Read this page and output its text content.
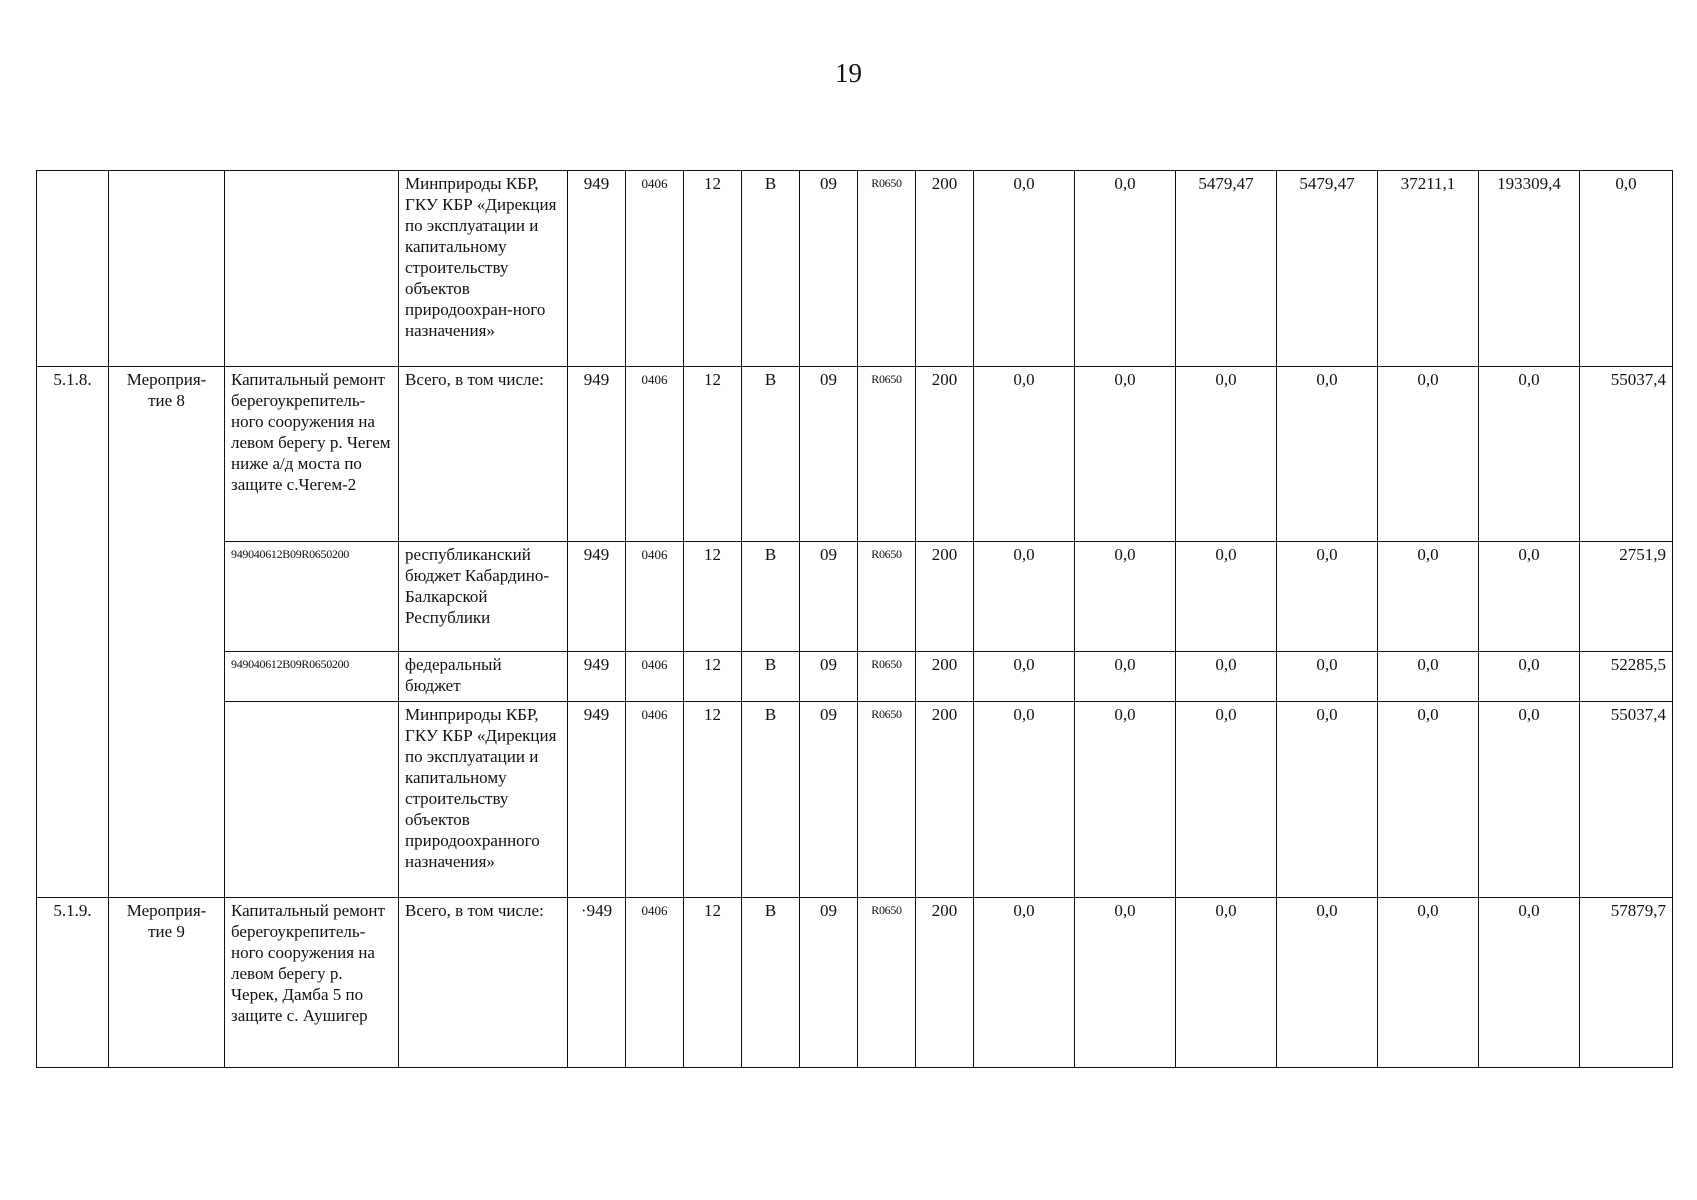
19
			Минприроды КБР, ГКУ КБР «Дирекция по эксплуатации и капитальному строительству объектов природоохран-ного назначения»	949	0406	12	В	09	R0650	200	0,0	0,0	5479,47	5479,47	37211,1	193309,4	0,0
5.1.8.	Мероприя-тие 8	Капитальный ремонт берегоукрепитель-ного сооружения на левом берегу р. Чегем ниже а/д моста по защите с.Чегем-2	Всего, в том числе:	949	0406	12	В	09	R0650	200	0,0	0,0	0,0	0,0	0,0	0,0	55037,4
		949040612В09R0650200	республиканский бюджет Кабардино-Балкарской Республики	949	0406	12	В	09	R0650	200	0,0	0,0	0,0	0,0	0,0	0,0	2751,9
		949040612В09R0650200	федеральный бюджет	949	0406	12	В	09	R0650	200	0,0	0,0	0,0	0,0	0,0	0,0	52285,5
			Минприроды КБР, ГКУ КБР «Дирекция по эксплуатации и капитальному строительству объектов природоохранного назначения»	949	0406	12	В	09	R0650	200	0,0	0,0	0,0	0,0	0,0	0,0	55037,4
5.1.9.	Мероприя-тие 9	Капитальный ремонт берегоукрепитель-ного сооружения на левом берегу р. Черек, Дамба 5 по защите с. Аушигер	Всего, в том числе:	·949	0406	12	В	09	R0650	200	0,0	0,0	0,0	0,0	0,0	0,0	57879,7
